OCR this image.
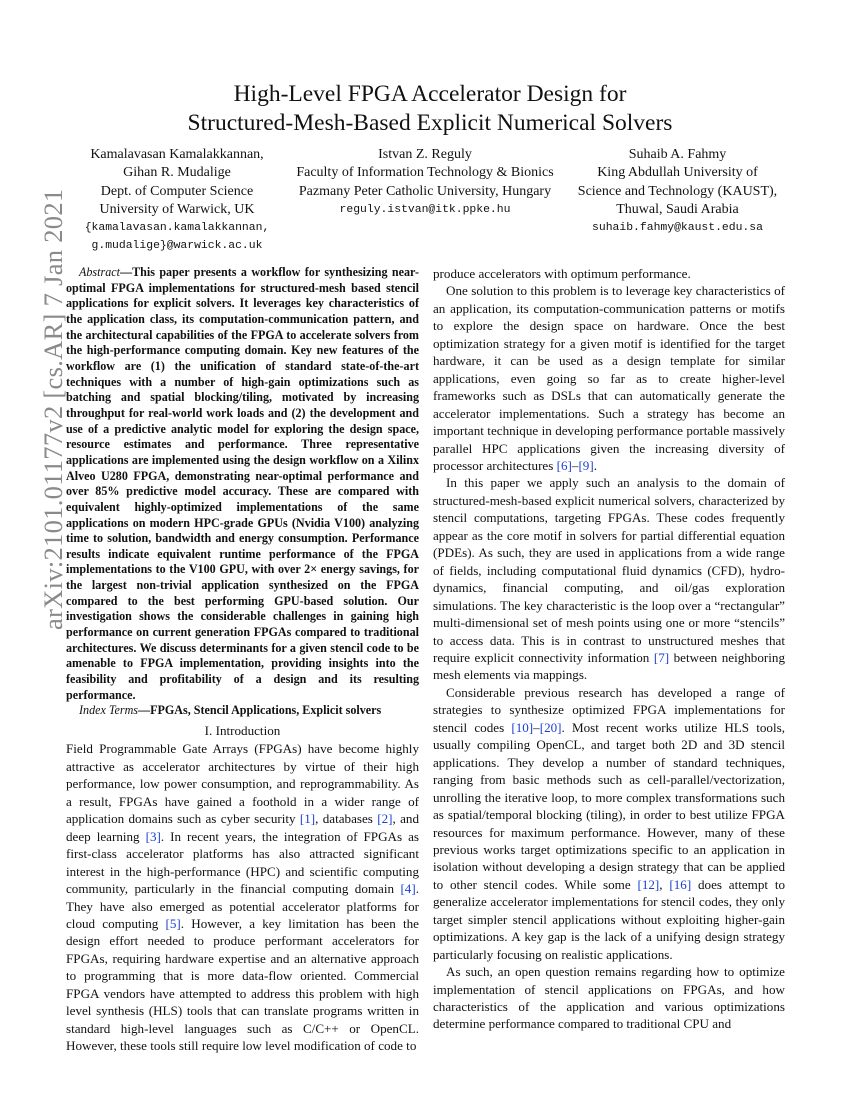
arXiv:2101.01177v2 [cs.AR] 7 Jan 2021
High-Level FPGA Accelerator Design for
Structured-Mesh-Based Explicit Numerical Solvers
Kamalavasan Kamalakkannan,
Gihan R. Mudalige
Dept. of Computer Science
University of Warwick, UK
{kamalavasan.kamalakkannan,
g.mudalige}@warwick.ac.uk
Istvan Z. Reguly
Faculty of Information Technology & Bionics
Pazmany Peter Catholic University, Hungary
reguly.istvan@itk.ppke.hu
Suhaib A. Fahmy
King Abdullah University of
Science and Technology (KAUST),
Thuwal, Saudi Arabia
suhaib.fahmy@kaust.edu.sa

Abstract—This paper presents a workflow for synthesizing near-optimal FPGA implementations for structured-mesh based stencil applications for explicit solvers. It leverages key characteristics of the application class, its computation-communication pattern, and the architectural capabilities of the FPGA to accelerate solvers from the high-performance computing domain. Key new features of the workflow are (1) the unification of standard state-of-the-art techniques with a number of high-gain optimizations such as batching and spatial blocking/tiling, motivated by increasing throughput for real-world work loads and (2) the development and use of a predictive analytic model for exploring the design space, resource estimates and performance. Three representative applications are implemented using the design workflow on a Xilinx Alveo U280 FPGA, demonstrating near-optimal performance and over 85% predictive model accuracy. These are compared with equivalent highly-optimized implementations of the same applications on modern HPC-grade GPUs (Nvidia V100) analyzing time to solution, bandwidth and energy consumption. Performance results indicate equivalent runtime performance of the FPGA implementations to the V100 GPU, with over 2× energy savings, for the largest non-trivial application synthesized on the FPGA compared to the best performing GPU-based solution. Our investigation shows the considerable challenges in gaining high performance on current generation FPGAs compared to traditional architectures. We discuss determinants for a given stencil code to be amenable to FPGA implementation, providing insights into the feasibility and profitability of a design and its resulting performance.

Index Terms—FPGAs, Stencil Applications, Explicit solvers

I. Introduction

Field Programmable Gate Arrays (FPGAs) have become highly attractive as accelerator architectures by virtue of their high performance, low power consumption, and reprogrammability. As a result, FPGAs have gained a foothold in a wider range of application domains such as cyber security [1], databases [2], and deep learning [3]. In recent years, the integration of FPGAs as first-class accelerator platforms has also attracted significant interest in the high-performance (HPC) and scientific computing community, particularly in the financial computing domain [4]. They have also emerged as potential accelerator platforms for cloud computing [5]. However, a key limitation has been the design effort needed to produce performant accelerators for FPGAs, requiring hardware expertise and an alternative approach to programming that is more data-flow oriented. Commercial FPGA vendors have attempted to address this problem with high level synthesis (HLS) tools that can translate programs written in standard high-level languages such as C/C++ or OpenCL. However, these tools still require low level modification of code to

produce accelerators with optimum performance.

One solution to this problem is to leverage key characteristics of an application, its computation-communication patterns or motifs to explore the design space on hardware. Once the best optimization strategy for a given motif is identified for the target hardware, it can be used as a design template for similar applications, even going so far as to create higher-level frameworks such as DSLs that can automatically generate the accelerator implementations. Such a strategy has become an important technique in developing performance portable massively parallel HPC applications given the increasing diversity of processor architectures [6]–[9].

In this paper we apply such an analysis to the domain of structured-mesh-based explicit numerical solvers, characterized by stencil computations, targeting FPGAs. These codes frequently appear as the core motif in solvers for partial differential equation (PDEs). As such, they are used in applications from a wide range of fields, including computational fluid dynamics (CFD), hydro-dynamics, financial computing, and oil/gas exploration simulations. The key characteristic is the loop over a “rectangular” multi-dimensional set of mesh points using one or more “stencils” to access data. This is in contrast to unstructured meshes that require explicit connectivity information [7] between neighboring mesh elements via mappings.

Considerable previous research has developed a range of strategies to synthesize optimized FPGA implementations for stencil codes [10]–[20]. Most recent works utilize HLS tools, usually compiling OpenCL, and target both 2D and 3D stencil applications. They develop a number of standard techniques, ranging from basic methods such as cell-parallel/vectorization, unrolling the iterative loop, to more complex transformations such as spatial/temporal blocking (tiling), in order to best utilize FPGA resources for maximum performance. However, many of these previous works target optimizations specific to an application in isolation without developing a design strategy that can be applied to other stencil codes. While some [12], [16] does attempt to generalize accelerator implementations for stencil codes, they only target simpler stencil applications without exploiting higher-gain optimizations. A key gap is the lack of a unifying design strategy particularly focusing on realistic applications.

As such, an open question remains regarding how to optimize implementation of stencil applications on FPGAs, and how characteristics of the application and various optimizations determine performance compared to traditional CPU and
